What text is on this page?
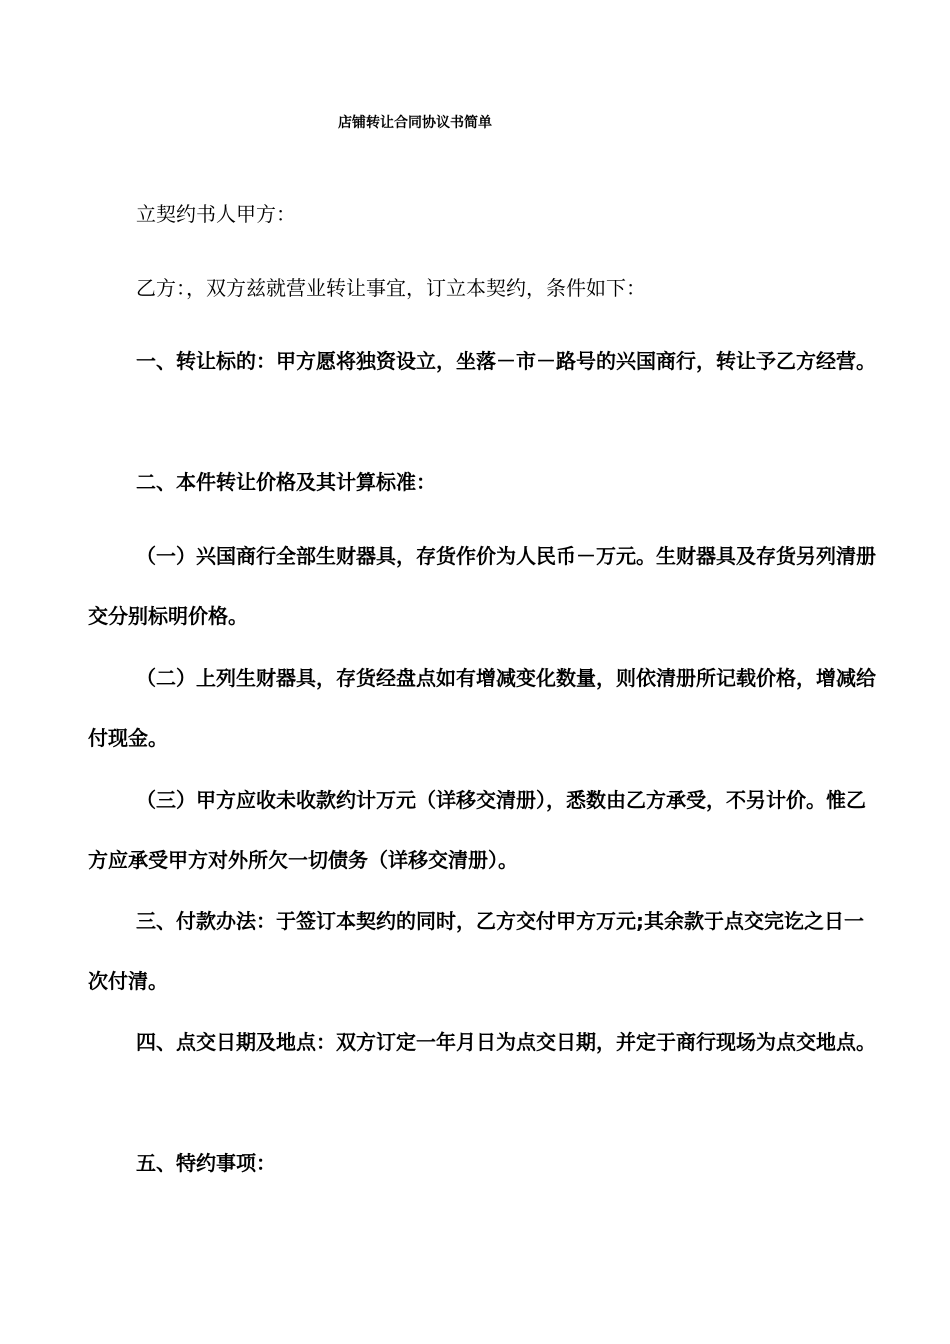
店铺转让合同协议书简单
立契约书人甲方：
乙方：，双方兹就营业转让事宜，订立本契约，条件如下：
一、转让标的：甲方愿将独资设立，坐落－市－路号的兴国商行，转让予乙方经营。
二、本件转让价格及其计算标准：
（一）兴国商行全部生财器具，存货作价为人民币－万元。生财器具及存货另列清册交分别标明价格。
（二）上列生财器具，存货经盘点如有增减变化数量，则依清册所记载价格，增减给付现金。
（三）甲方应收未收款约计万元（详移交清册），悉数由乙方承受，不另计价。惟乙方应承受甲方对外所欠一切债务（详移交清册）。
三、付款办法：于签订本契约的同时，乙方交付甲方万元;其余款于点交完讫之日一次付清。
四、点交日期及地点：双方订定一年月日为点交日期，并定于商行现场为点交地点。
五、特约事项：
